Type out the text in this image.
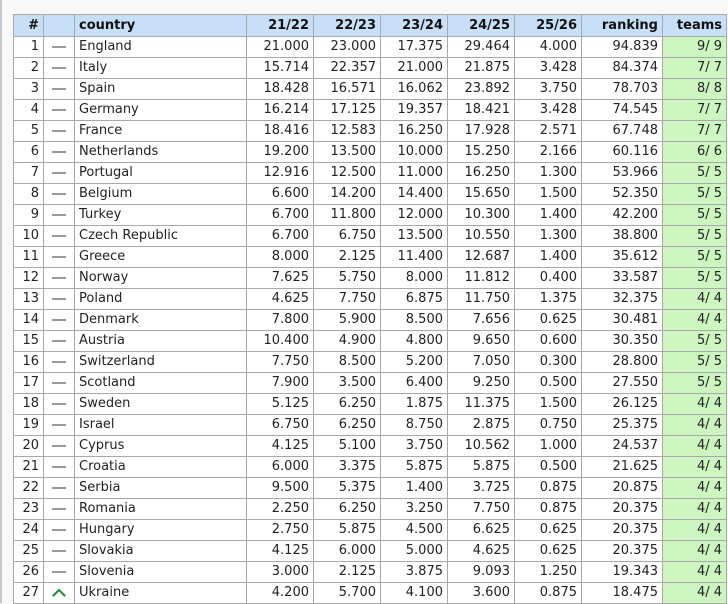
#		country	21/22	22/23	23/24	24/25	25/26	ranking	teams
1		England	21.000	23.000	17.375	29.464	4.000	94.839	9/ 9
2		Italy	15.714	22.357	21.000	21.875	3.428	84.374	7/ 7
3		Spain	18.428	16.571	16.062	23.892	3.750	78.703	8/ 8
4		Germany	16.214	17.125	19.357	18.421	3.428	74.545	7/ 7
5		France	18.416	12.583	16.250	17.928	2.571	67.748	7/ 7
6		Netherlands	19.200	13.500	10.000	15.250	2.166	60.116	6/ 6
7		Portugal	12.916	12.500	11.000	16.250	1.300	53.966	5/ 5
8		Belgium	6.600	14.200	14.400	15.650	1.500	52.350	5/ 5
9		Turkey	6.700	11.800	12.000	10.300	1.400	42.200	5/ 5
10		Czech Republic	6.700	6.750	13.500	10.550	1.300	38.800	5/ 5
11		Greece	8.000	2.125	11.400	12.687	1.400	35.612	5/ 5
12		Norway	7.625	5.750	8.000	11.812	0.400	33.587	5/ 5
13		Poland	4.625	7.750	6.875	11.750	1.375	32.375	4/ 4
14		Denmark	7.800	5.900	8.500	7.656	0.625	30.481	4/ 4
15		Austria	10.400	4.900	4.800	9.650	0.600	30.350	5/ 5
16		Switzerland	7.750	8.500	5.200	7.050	0.300	28.800	5/ 5
17		Scotland	7.900	3.500	6.400	9.250	0.500	27.550	5/ 5
18		Sweden	5.125	6.250	1.875	11.375	1.500	26.125	4/ 4
19		Israel	6.750	6.250	8.750	2.875	0.750	25.375	4/ 4
20		Cyprus	4.125	5.100	3.750	10.562	1.000	24.537	4/ 4
21		Croatia	6.000	3.375	5.875	5.875	0.500	21.625	4/ 4
22		Serbia	9.500	5.375	1.400	3.725	0.875	20.875	4/ 4
23		Romania	2.250	6.250	3.250	7.750	0.875	20.375	4/ 4
24		Hungary	2.750	5.875	4.500	6.625	0.625	20.375	4/ 4
25		Slovakia	4.125	6.000	5.000	4.625	0.625	20.375	4/ 4
26		Slovenia	3.000	2.125	3.875	9.093	1.250	19.343	4/ 4
27		Ukraine	4.200	5.700	4.100	3.600	0.875	18.475	4/ 4
